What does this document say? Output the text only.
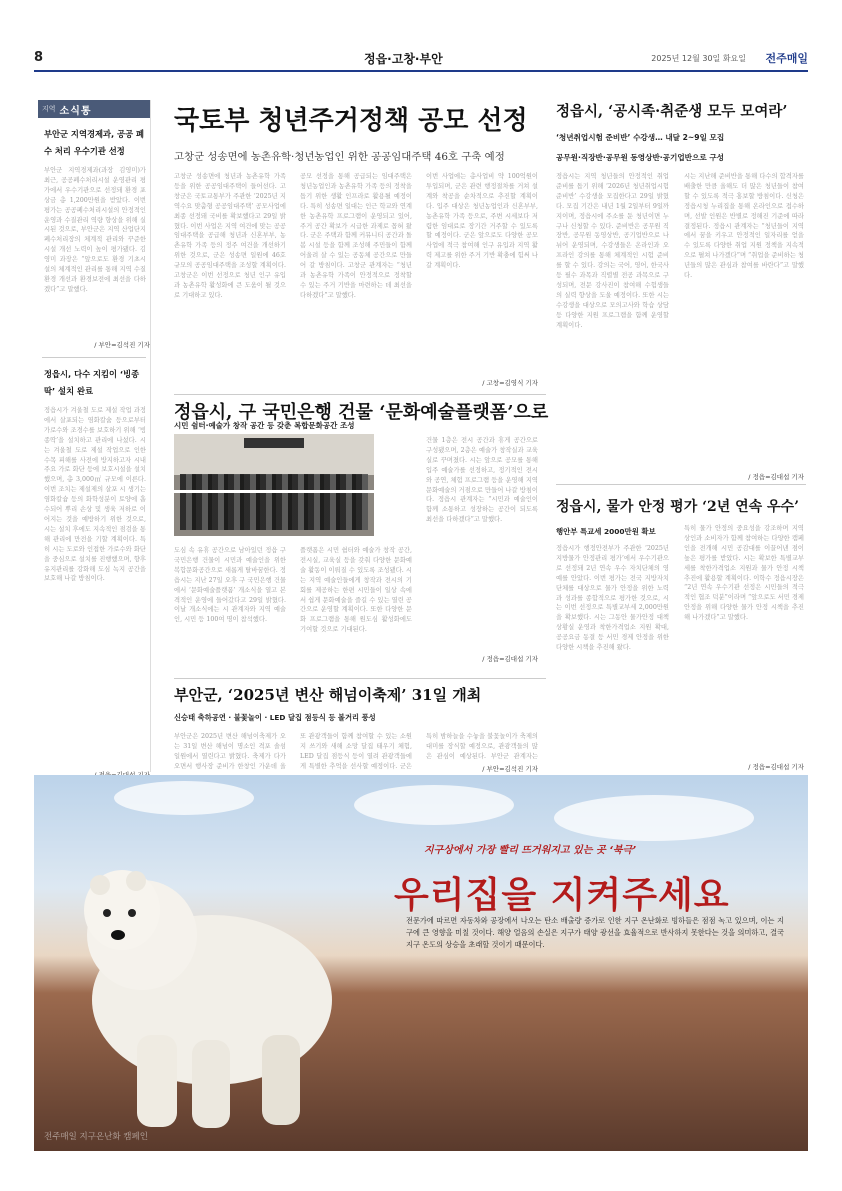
8	정읍·고창·부안	2025년 12월 30일 화요일 전주매일
지역 소식통
부안군 지역경제과, 공공 폐수 처리 우수기관 선정
부안군 지역경제과(과장 김영미)가 최근, 공공폐수처리시설 운영관리 평가에서 우수기관으로 선정돼 환경 포상금 총 1,200만원을 받았다. 이번 평가는 공공폐수처리시설의 안정적인 운영과 수질관리 역량 향상을 위해 실시된 것으로, 부안군은 지역 산업단지 폐수처리장의 체계적 관리와 꾸준한 시설 개선 노력이 높이 평가됐다. 김영미 과장은 “앞으로도 환경 기초시설의 체계적인 관리를 통해 지역 수질환경 개선과 환경보전에 최선을 다하겠다”고 말했다.
/ 부안=김석진 기자
정읍시, 다수 지킴이 ‘빙종딱’ 설치 완료
정읍시가 겨울철 도로 제설 작업 과정에서 살포되는 염화칼슘 등으로부터 가로수와 조경수를 보호하기 위해 ‘빙종딱’을 설치하고 관리에 나섰다. 시는 겨울철 도로 제설 작업으로 인한 수목 피해를 사전에 방지하고자 시내 주요 가로 화단 등에 보호시설을 설치했으며, 총 3,000㎡ 규모에 이른다. 이번 조치는 제설제의 살포 시 생기는 염화칼슘 등의 화학성분이 토양에 흡수되어 뿌리 손상 및 생육 저하로 이어지는 것을 예방하기 위한 것으로, 시는 설치 후에도 지속적인 점검을 통해 관리에 만전을 기할 계획이다. 특히 시는 도로와 인접한 가로수와 화단을 중심으로 설치를 진행했으며, 향후 유지관리를 강화해 도심 녹지 공간을 보호해 나갈 방침이다.
국토부 청년주거정책 공모 선정
고창군 성송면에 농촌유학·청년농업인 위한 공공임대주택 46호 구축 예정
고창군 성송면에 청년과 농촌유학 가족 등을 위한 공공임대주택이 들어선다. 고창군은 국토교통부가 주관한 ‘2025년 지역수요 맞춤형 공공임대주택’ 공모사업에 최종 선정돼 국비를 확보했다고 29일 밝혔다. 이번 사업은 지역 여건에 맞는 공공임대주택을 공급해 청년과 신혼부부, 농촌유학 가족 등의 정주 여건을 개선하기 위한 것으로, 군은 성송면 일원에 46호 규모의 공공임대주택을 조성할 계획이다. 고창군은 이번 선정으로 청년 인구 유입과 농촌유학 활성화에 큰 도움이 될 것으로 기대하고 있다.
공모 선정을 통해 공급되는 임대주택은 청년농업인과 농촌유학 가족 등의 정착을 돕기 위한 생활 인프라로 활용될 예정이다. 특히 성송면 일대는 인근 학교와 연계한 농촌유학 프로그램이 운영되고 있어, 주거 공간 확보가 시급한 과제로 꼽혀 왔다. 군은 주택과 함께 커뮤니티 공간과 돌봄 시설 등을 함께 조성해 주민들이 함께 어울려 살 수 있는 공동체 공간으로 만들어 갈 방침이다. 고창군 관계자는 “청년과 농촌유학 가족이 안정적으로 정착할 수 있는 주거 기반을 마련하는 데 최선을 다하겠다”고 말했다.
이번 사업에는 총사업비 약 100억원이 투입되며, 군은 관련 행정절차를 거쳐 설계와 착공을 순차적으로 추진할 계획이다. 입주 대상은 청년농업인과 신혼부부, 농촌유학 가족 등으로, 주변 시세보다 저렴한 임대료로 장기간 거주할 수 있도록 할 예정이다. 군은 앞으로도 다양한 공모사업에 적극 참여해 인구 유입과 지역 활력 제고를 위한 주거 기반 확충에 힘써 나갈 계획이다.
/ 고창=김영식 기자
정읍시, 구 국민은행 건물 ‘문화예술플랫폼’으로
시민 쉼터·예술가 창작 공간 등 갖춘 복합문화공간 조성
도심 속 유휴 공간으로 남아있던 정읍 구 국민은행 건물이 시민과 예술인을 위한 복합문화공간으로 새롭게 탈바꿈한다. 정읍시는 지난 27일 오후 구 국민은행 건물에서 ‘문화예술플랫폼’ 개소식을 열고 본격적인 운영에 들어갔다고 29일 밝혔다. 이날 개소식에는 시 관계자와 지역 예술인, 시민 등 100여 명이 참석했다.
플랫폼은 시민 쉼터와 예술가 창작 공간, 전시실, 교육실 등을 갖춰 다양한 문화예술 활동이 이뤄질 수 있도록 조성됐다. 시는 지역 예술인들에게 창작과 전시의 기회를 제공하는 한편 시민들이 일상 속에서 쉽게 문화예술을 즐길 수 있는 열린 공간으로 운영할 계획이다. 또한 다양한 문화 프로그램을 통해 원도심 활성화에도 기여할 것으로 기대된다.
건물 1층은 전시 공간과 휴게 공간으로 구성됐으며, 2층은 예술가 창작실과 교육실로 꾸며졌다. 시는 앞으로 공모를 통해 입주 예술가를 선정하고, 정기적인 전시와 공연, 체험 프로그램 등을 운영해 지역 문화예술의 거점으로 만들어 나갈 방침이다. 정읍시 관계자는 “시민과 예술인이 함께 소통하고 성장하는 공간이 되도록 최선을 다하겠다”고 말했다.
/ 정읍=김대섭 기자
부안군, ‘2025년 변산 해넘이축제’ 31일 개최
신승태 축하공연 · 불꽃놀이 · LED 달집 점등식 등 볼거리 풍성
부안군은 2025년 변산 해넘이축제가 오는 31일 변산 해넘이 명소인 격포 솔섬 일원에서 열린다고 밝혔다. 축제가 다가오면서 행사장 준비가 한창인 가운데 올
또 관광객들이 함께 참여할 수 있는 소원지 쓰기와 새해 소망 달집 태우기 체험, LED 달집 점등식 등이 열려 관광객들에게 특별한 추억을 선사할 예정이다. 군은
특히 밤하늘을 수놓을 불꽃놀이가 축제의 대미를 장식할 예정으로, 관광객들의 많은 관심이 예상된다. 부안군 관계자는
/ 부안=김석진 기자
정읍시, ‘공시족·취준생 모두 모여라’
‘청년취업시험 준비반’ 수강생… 내달 2~9일 모집
공무원·직장반·공무원 동영상반·공기업반으로 구성
정읍시는 지역 청년들의 안정적인 취업 준비를 돕기 위해 ‘2026년 청년취업시험 준비반’ 수강생을 모집한다고 29일 밝혔다. 모집 기간은 내년 1월 2일부터 9일까지이며, 정읍시에 주소를 둔 청년이면 누구나 신청할 수 있다. 준비반은 공무원 직장반, 공무원 동영상반, 공기업반으로 나뉘어 운영되며, 수강생들은 온라인과 오프라인 강의를 통해 체계적인 시험 준비를 할 수 있다. 강의는 국어, 영어, 한국사 등 필수 과목과 직렬별 전공 과목으로 구성되며, 전문 강사진이 참여해 수험생들의 실력 향상을 도울 예정이다. 또한 시는 수강생을 대상으로 모의고사와 학습 상담 등 다양한 지원 프로그램을 함께 운영할 계획이다.
시는 지난해 준비반을 통해 다수의 합격자를 배출한 만큼 올해도 더 많은 청년들이 참여할 수 있도록 적극 홍보할 방침이다. 신청은 정읍시청 누리집을 통해 온라인으로 접수하며, 선발 인원은 반별로 정해진 기준에 따라 결정된다. 정읍시 관계자는 “청년들이 지역에서 꿈을 키우고 안정적인 일자리를 얻을 수 있도록 다양한 취업 지원 정책을 지속적으로 펼쳐 나가겠다”며 “취업을 준비하는 청년들의 많은 관심과 참여를 바란다”고 말했다.
/ 정읍=김대섭 기자
정읍시, 물가 안정 평가 ‘2년 연속 우수’
행안부 특교세 2000만원 확보
정읍시가 행정안전부가 주관한 ‘2025년 지방물가 안정관리 평가’에서 우수기관으로 선정돼 2년 연속 우수 자치단체의 영예를 안았다. 이번 평가는 전국 지방자치단체를 대상으로 물가 안정을 위한 노력과 성과를 종합적으로 평가한 것으로, 시는 이번 선정으로 특별교부세 2,000만원을 확보했다. 시는 그동안 물가안정 대책 상황실 운영과 착한가격업소 지원 확대, 공공요금 동결 등 서민 경제 안정을 위한 다양한 시책을 추진해 왔다.
특히 물가 안정의 중요성을 강조하며 지역 상인과 소비자가 함께 참여하는 다양한 캠페인을 전개해 시민 공감대를 이끌어낸 점이 높은 평가를 받았다. 시는 확보한 특별교부세를 착한가격업소 지원과 물가 안정 시책 추진에 활용할 계획이다. 이학수 정읍시장은 “2년 연속 우수기관 선정은 시민들의 적극적인 협조 덕분”이라며 “앞으로도 서민 경제 안정을 위해 다양한 물가 안정 시책을 추진해 나가겠다”고 말했다.
/ 정읍=김대섭 기자
지구상에서 가장 빨리 뜨거워지고 있는 곳 ‘북극’
우리집을 지켜주세요
전문가에 따르면 자동차와 공장에서 나오는 탄소 배출량 증가로 인한 지구 온난화로 빙하들은 점점 녹고 있으며, 이는 지구에 큰 영향을 미칠 것이다. 해양 얼음의 손실은 지구가 태양 광선을 효율적으로 반사하지 못한다는 것을 의미하고, 결국 지구 온도의 상승을 초래할 것이기 때문이다.
전주매일 지구온난화 캠페인
